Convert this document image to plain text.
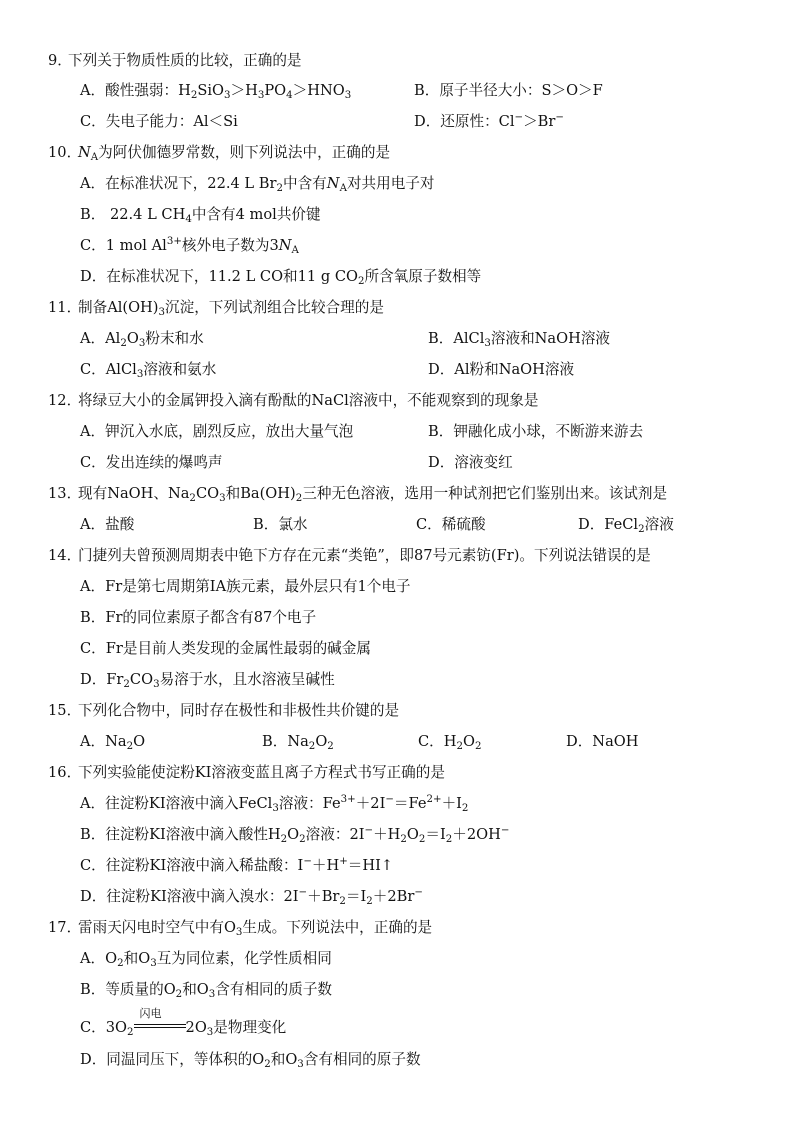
9．下列关于物质性质的比较，正确的是
A．酸性强弱：$H_2SiO_3>H_3PO_4>HNO_3$	B．原子半径大小：S＞O＞F
C．失电子能力：Al＜Si	D．还原性：Cl−＞Br−
10．$N_A$为阿伏伽德罗常数，则下列说法中，正确的是
A．在标准状况下，22.4 L $Br_2$中含有$N_A$对共用电子对
B． 22.4 L $CH_4$中含有4 mol共价键
C．1 mol $Al^{3+}$核外电子数为$3N_A$
D．在标准状况下，11.2 L CO和11 g $CO_2$所含氧原子数相等
11．制备$Al(OH)_3$沉淀，下列试剂组合比较合理的是
A．$Al_2O_3$粉末和水	B．AlCl$_3$溶液和NaOH溶液
C．AlCl$_3$溶液和氨水	D．Al粉和NaOH溶液
12．将绿豆大小的金属钾投入滴有酚酞的NaCl溶液中，不能观察到的现象是
A．钾沉入水底，剧烈反应，放出大量气泡	B．钾融化成小球，不断游来游去
C．发出连续的爆鸣声	D．溶液变红
13．现有NaOH、$Na_2CO_3$和$Ba(OH)_2$三种无色溶液，选用一种试剂把它们鉴别出来。该试剂是
A．盐酸	B．氯水	C．稀硫酸	D．FeCl$_2$溶液
14．门捷列夫曾预测周期表中铯下方存在元素“类铯”，即87号元素钫(Fr)。下列说法错误的是
A．Fr是第七周期第ⅠA族元素，最外层只有1个电子
B．Fr的同位素原子都含有87个电子
C．Fr是目前人类发现的金属性最弱的碱金属
D．$Fr_2CO_3$易溶于水，且水溶液呈碱性
15．下列化合物中，同时存在极性和非极性共价键的是
A．$Na_2O$	B．$Na_2O_2$	C．$H_2O_2$	D．NaOH
16．下列实验能使淀粉KI溶液变蓝且离子方程式书写正确的是
A．往淀粉KI溶液中滴入FeCl$_3$溶液：$Fe^{3+}+2I^-=Fe^{2+}+I_2$
B．往淀粉KI溶液中滴入酸性$H_2O_2$溶液：$2I^-+H_2O_2=I_2+2OH^-$
C．往淀粉KI溶液中滴入稀盐酸：I−＋H+＝HI↑
D．往淀粉KI溶液中滴入溴水：$2I^-+Br_2=I_2+2Br^-$
17．雷雨天闪电时空气中有$O_3$生成。下列说法中，正确的是
A．$O_2$和$O_3$互为同位素，化学性质相同
B．等质量的$O_2$和$O_3$含有相同的质子数
C．$3O_2$
闪电
$2O_3$是物理变化
D．同温同压下，等体积的$O_2$和$O_3$含有相同的原子数
